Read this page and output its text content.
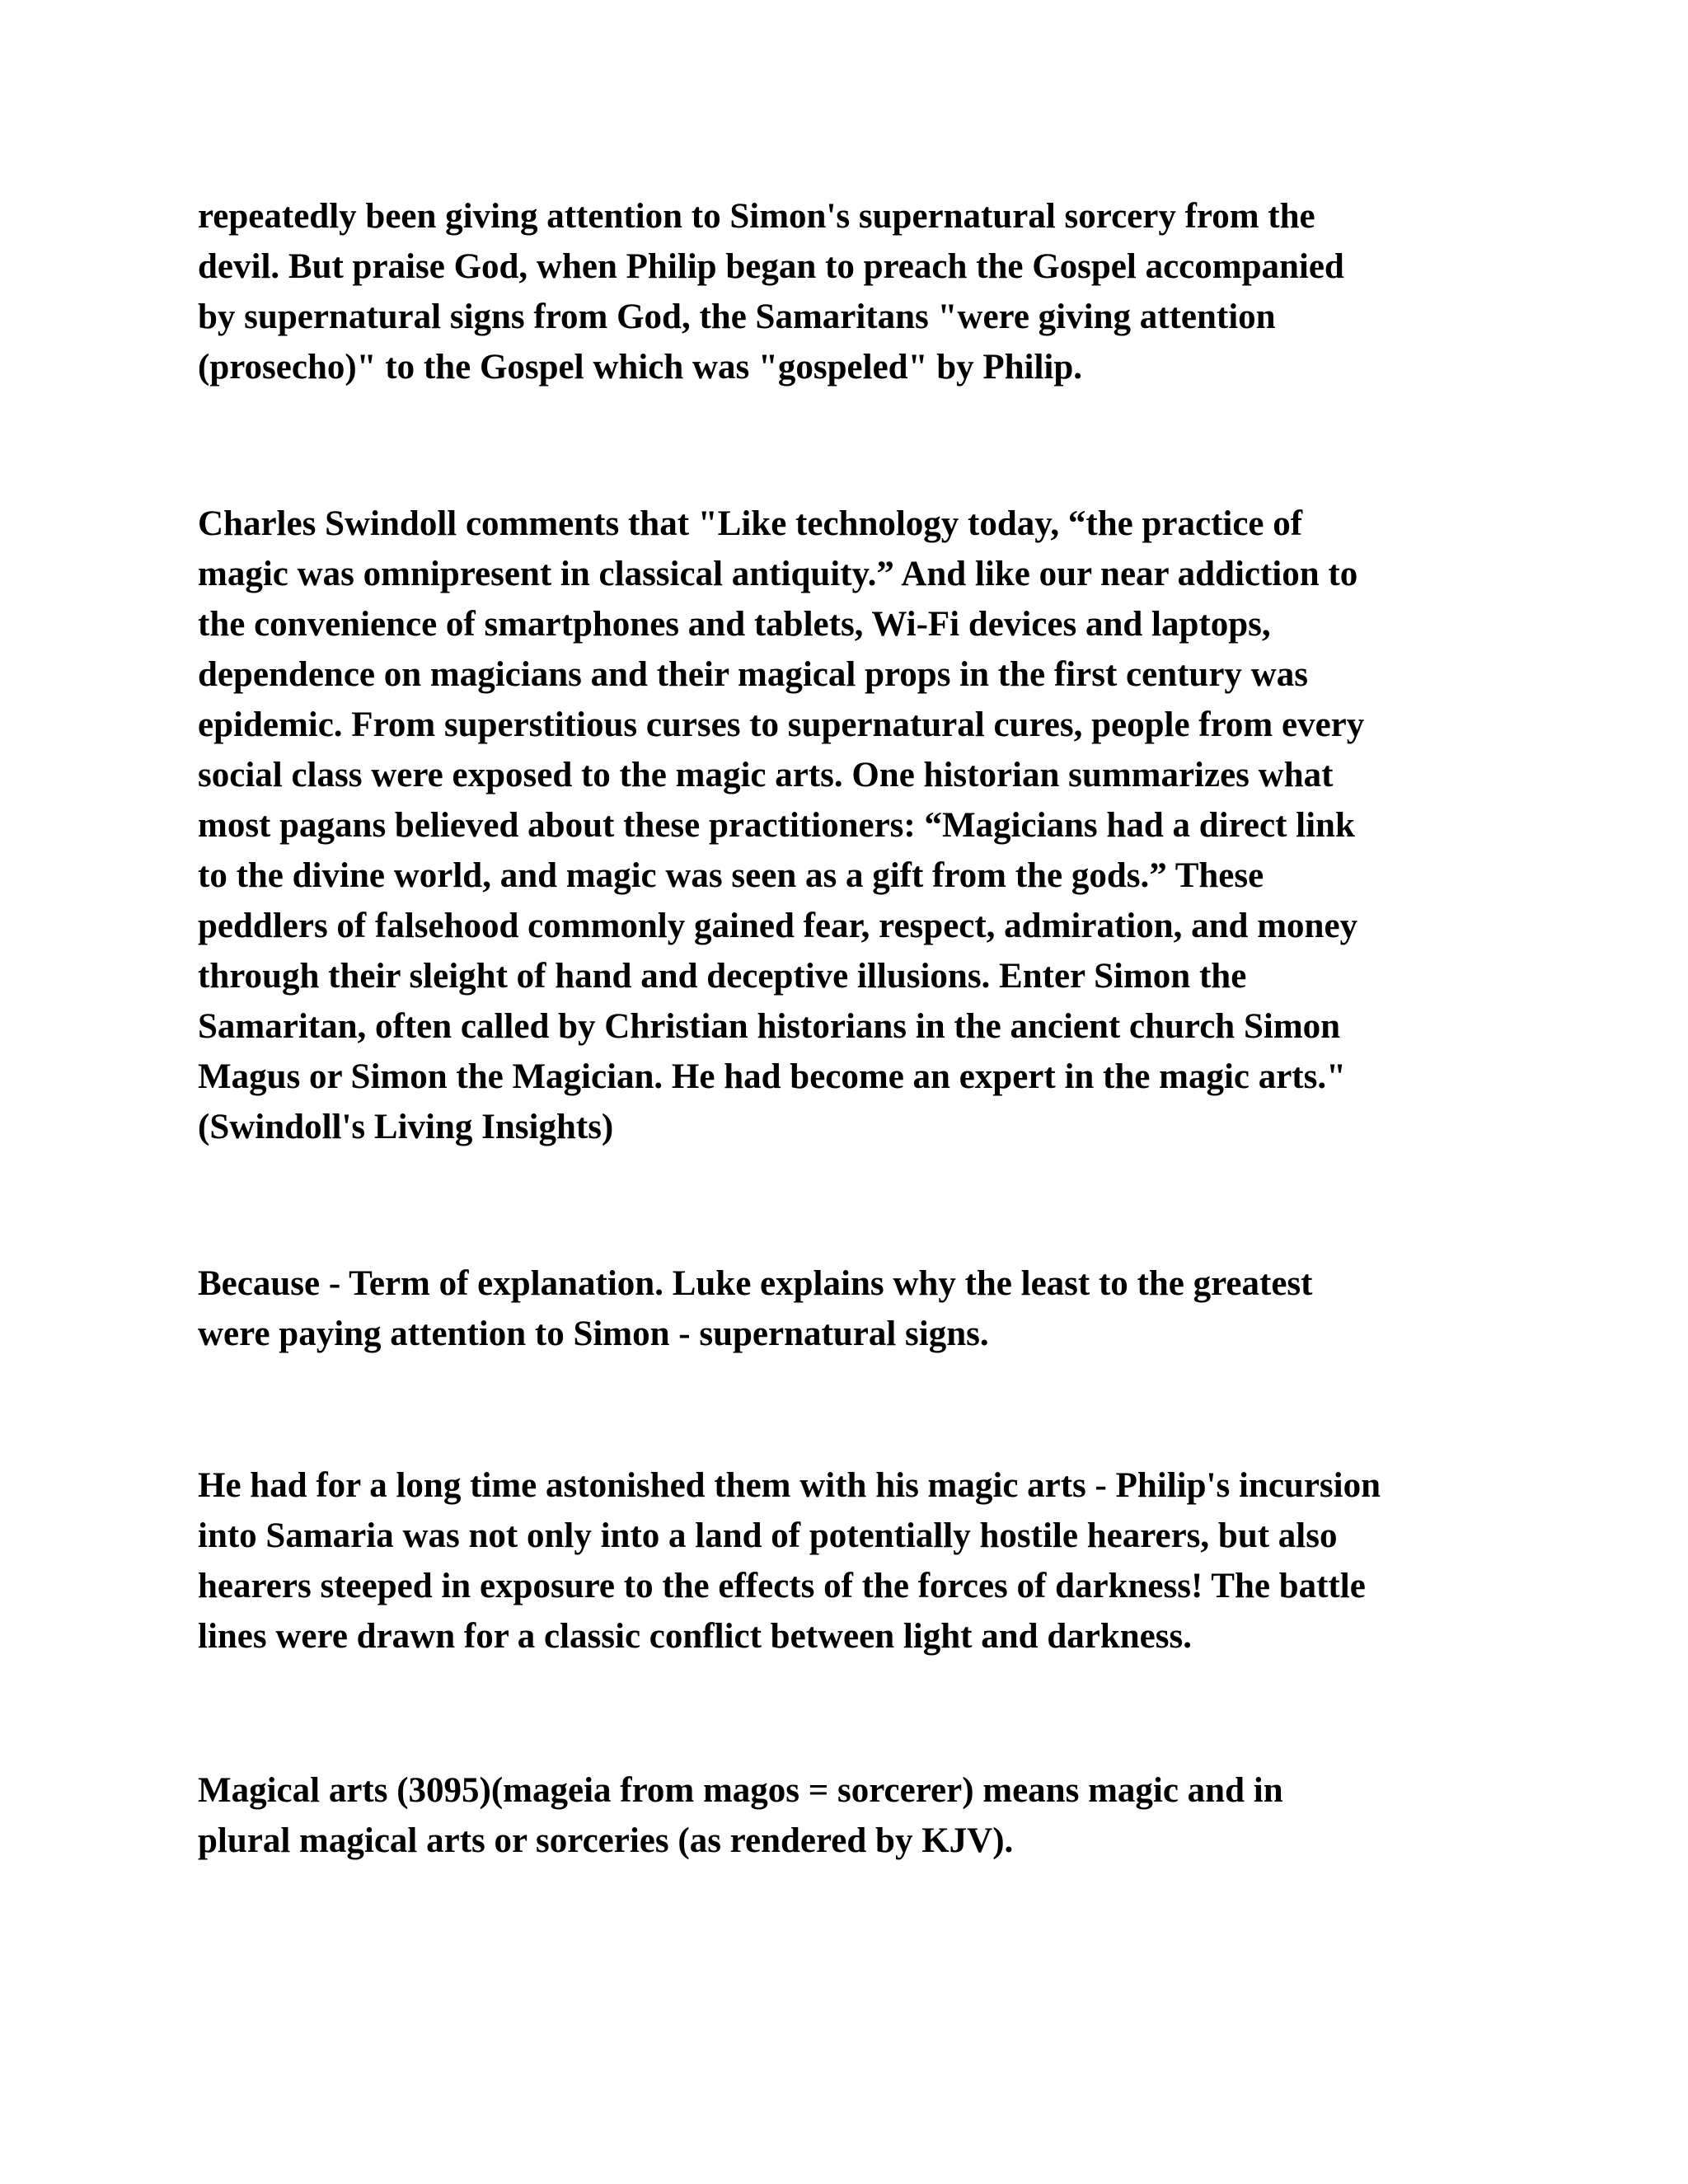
repeatedly been giving attention to Simon's supernatural sorcery from the
devil. But praise God, when Philip began to preach the Gospel accompanied
by supernatural signs from God, the Samaritans "were giving attention
(prosecho)" to the Gospel which was "gospeled" by Philip.

Charles Swindoll comments that "Like technology today, “the practice of
magic was omnipresent in classical antiquity.” And like our near addiction to
the convenience of smartphones and tablets, Wi-Fi devices and laptops,
dependence on magicians and their magical props in the first century was
epidemic. From superstitious curses to supernatural cures, people from every
social class were exposed to the magic arts. One historian summarizes what
most pagans believed about these practitioners: “Magicians had a direct link
to the divine world, and magic was seen as a gift from the gods.” These
peddlers of falsehood commonly gained fear, respect, admiration, and money
through their sleight of hand and deceptive illusions. Enter Simon the
Samaritan, often called by Christian historians in the ancient church Simon
Magus or Simon the Magician. He had become an expert in the magic arts."
(Swindoll's Living Insights)

Because - Term of explanation. Luke explains why the least to the greatest
were paying attention to Simon - supernatural signs.

He had for a long time astonished them with his magic arts - Philip's incursion
into Samaria was not only into a land of potentially hostile hearers, but also
hearers steeped in exposure to the effects of the forces of darkness! The battle
lines were drawn for a classic conflict between light and darkness.

Magical arts (3095)(mageia from magos = sorcerer) means magic and in
plural magical arts or sorceries (as rendered by KJV).
